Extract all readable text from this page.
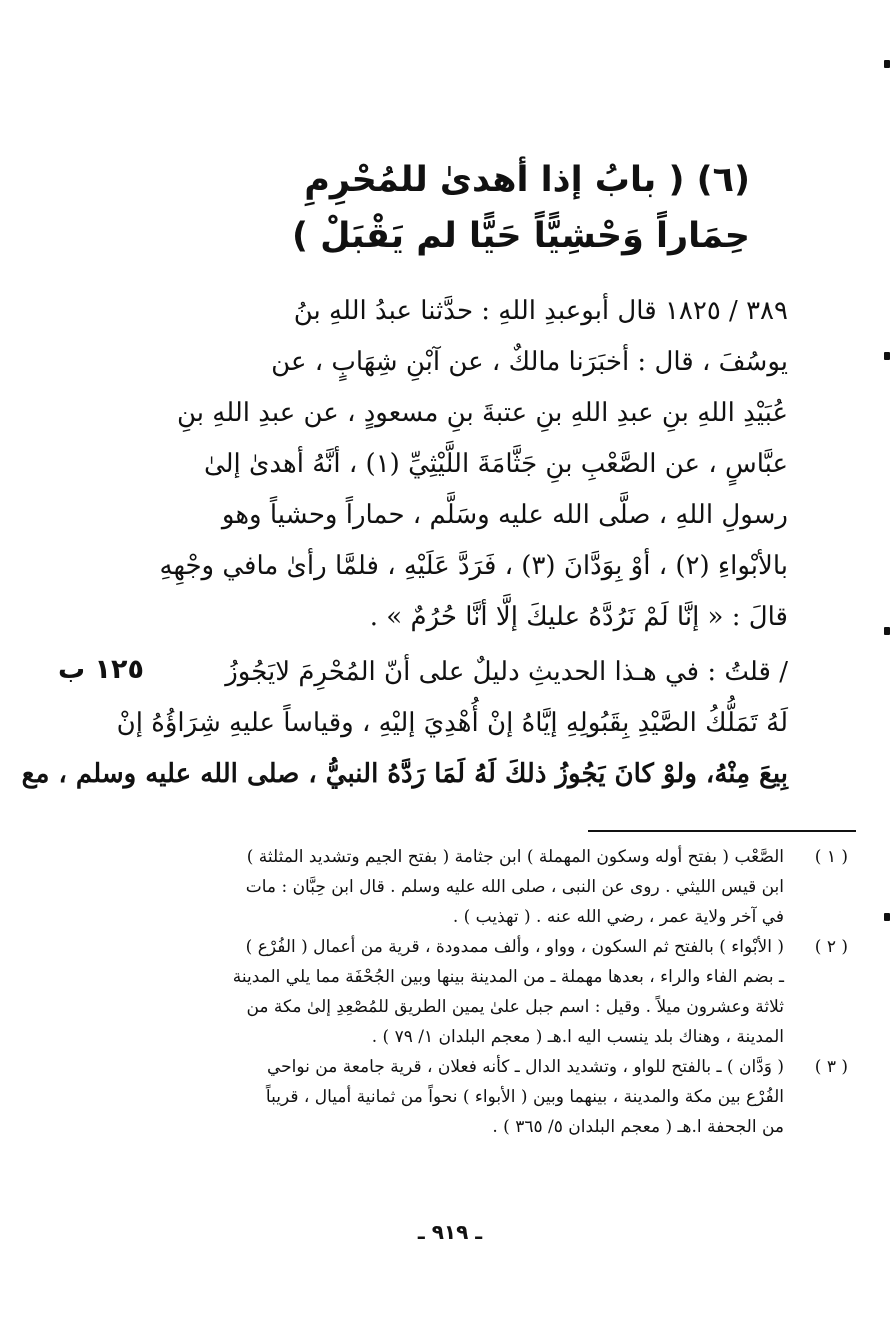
(٦) ( بابُ إذا أهدىٰ للمُحْرِمِ
حِمَاراً وَحْشِيًّاً حَيًّا لم يَقْبَلْ )
٣٨٩ / ١٨٢٥ قال أبوعبدِ اللهِ : حدَّثنا عبدُ اللهِ بنُ
يوسُفَ ، قال : أخبَرَنا مالكٌ ، عن آبْنِ شِهَابٍ ، عن
عُبَيْدِ اللهِ بنِ عبدِ اللهِ بنِ عتبةَ بنِ مسعودٍ ، عن عبدِ اللهِ بنِ
عبَّاسٍ ، عن الصَّعْبِ بنِ جَثَّامَةَ اللَّيْثِيِّ (١) ، أنَّهُ أهدىٰ إلىٰ
رسولِ اللهِ ، صلَّى الله عليه وسَلَّم ، حماراً وحشياً وهو
بالأبْواءِ (٢) ، أوْ بِوَدَّانَ (٣) ، فَرَدَّ عَلَيْهِ ، فلمَّا رأىٰ مافي وجْهِهِ
قالَ : « إنَّا لَمْ نَرُدَّهُ عليكَ إلَّا أنَّا حُرُمٌ » .
/ قلتُ : في هـذا الحديثِ دليلٌ على أنّ المُحْرِمَ لايَجُوزُ
لَهُ تَمَلُّكُ الصَّيْدِ بِقَبُولِهِ إيَّاهُ إنْ أُهْدِيَ إليْهِ ، وقياساً عليهِ شِرَاؤُهُ إنْ
بِيعَ مِنْهُ، ولوْ كانَ يَجُوزُ ذلكَ لَهُ لَمَا رَدَّهُ النبيُّ ، صلى الله عليه وسلم ، مع
١٢٥ ب
( ١ )
الصَّعْب ( بفتح أوله وسكون المهملة ) ابن جثامة ( بفتح الجيم وتشديد المثلثة )
ابن قيس الليثي . روى عن النبى ، صلى الله عليه وسلم . قال ابن حِبَّان : مات
في آخر ولاية عمر ، رضي الله عنه . ( تهذيب ) .
( ٢ )
( الأبْواء ) بالفتح ثم السكون ، وواو ، وألف ممدودة ، قرية من أعمال ( الفُرْع )
ـ بضم الفاء والراء ، بعدها مهملة ـ من المدينة بينها وبين الجُحْفَة مما يلي المدينة
ثلاثة وعشرون ميلاً . وقيل : اسم جبل علىٰ يمين الطريق للمُصْعِدِ إلىٰ مكة من
المدينة ، وهناك بلد ينسب اليه ا.هـ ( معجم البلدان ١/ ٧٩ ) .
( ٣ )
( وَدَّان ) ـ بالفتح للواو ، وتشديد الدال ـ كأنه فعلان ، قرية جامعة من نواحي
الفُرْع بين مكة والمدينة ، بينهما وبين ( الأبواء ) نحواً من ثمانية أميال ، قريباً
من الجحفة ا.هـ ( معجم البلدان ٥/ ٣٦٥ ) .
ـ ٩١٩ ـ
